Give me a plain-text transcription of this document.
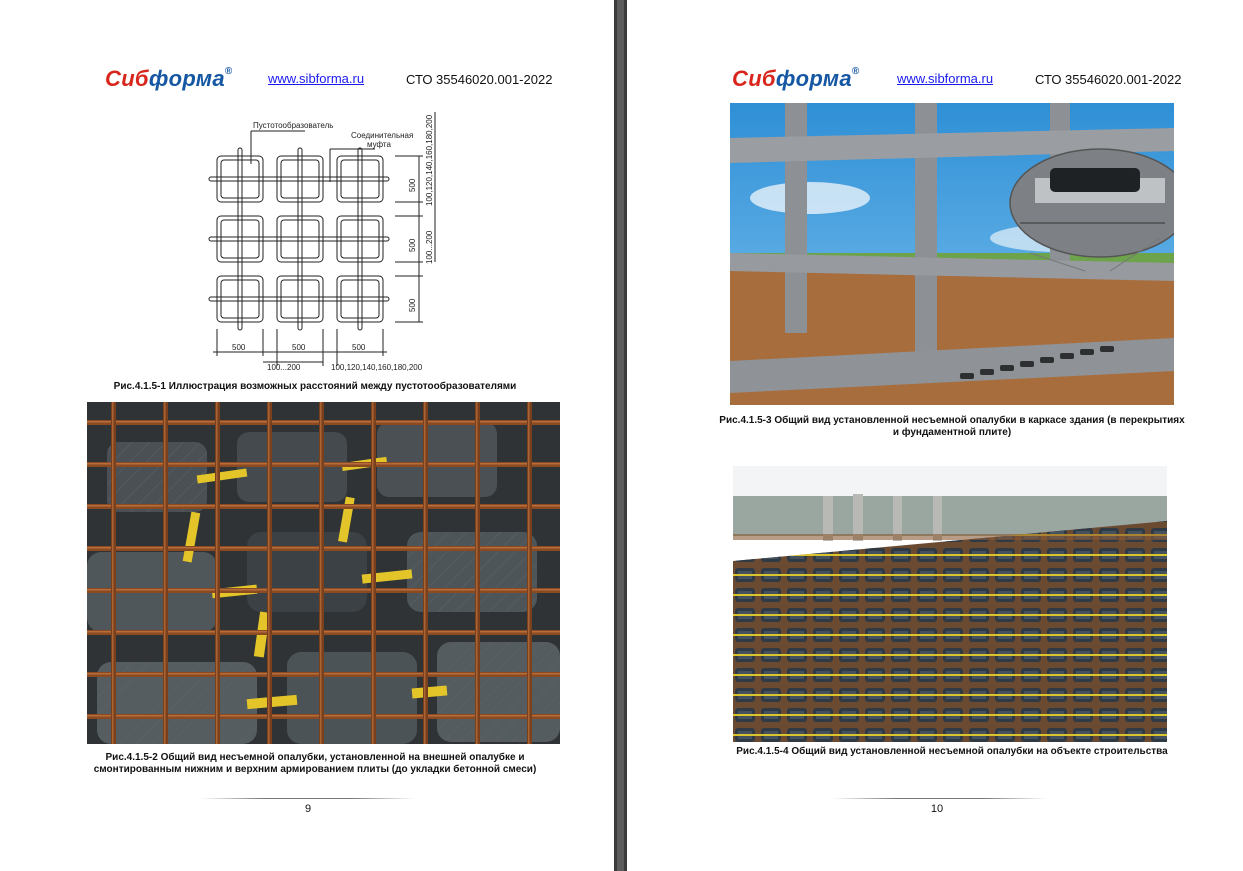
Сибформа®	www.sibforma.ru	СТО 35546020.001-2022
Пустотообразователь
Соединительная
муфта
500	500	500
100...200	100,120,140,160,180,200
500
500
500
100...200
100,120,140,160,180,200
Рис.4.1.5-1 Иллюстрация возможных расстояний между пустотообразователями
Рис.4.1.5-2 Общий вид несъемной опалубки, установленной на внешней опалубке и
смонтированным нижним и верхним армированием плиты (до укладки бетонной смеси)
9
Сибформа®	www.sibforma.ru	СТО 35546020.001-2022
Рис.4.1.5-3 Общий вид установленной несъемной опалубки в каркасе здания (в перекрытиях
и фундаментной плите)
Рис.4.1.5-4 Общий вид установленной несъемной опалубки на объекте строительства
10
